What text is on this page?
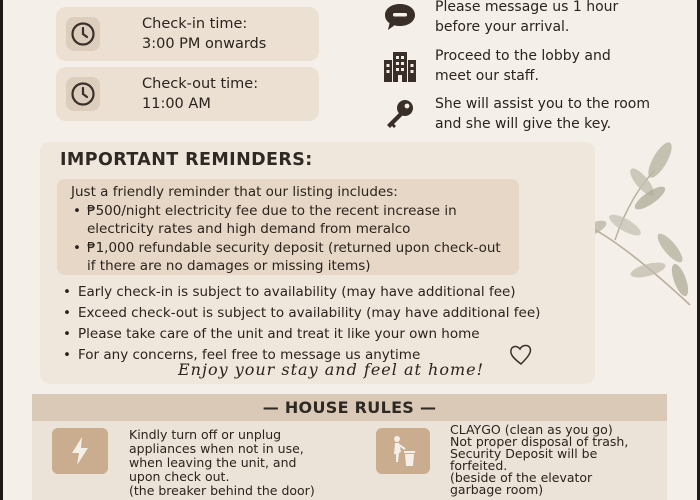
Check-in time:
3:00 PM onwards
Check-out time:
11:00 AM
Please message us 1 hour
before your arrival.
Proceed to the lobby and
meet our staff.
She will assist you to the room
and she will give the key.
IMPORTANT REMINDERS:
Just a friendly reminder that our listing includes:
• ₱500/night electricity fee due to the recent increase in
electricity rates and high demand from meralco
• ₱1,000 refundable security deposit (returned upon check-out
if there are no damages or missing items)
• Early check-in is subject to availability (may have additional fee)
• Exceed check-out is subject to availability (may have additional fee)
• Please take care of the unit and treat it like your own home
• For any concerns, feel free to message us anytime
Enjoy your stay and feel at home!
— HOUSE RULES —
Kindly turn off or unplug
appliances when not in use,
when leaving the unit, and
upon check out.
(the breaker behind the door)
CLAYGO (clean as you go)
Not proper disposal of trash,
Security Deposit will be
forfeited.
(beside of the elevator
garbage room)
